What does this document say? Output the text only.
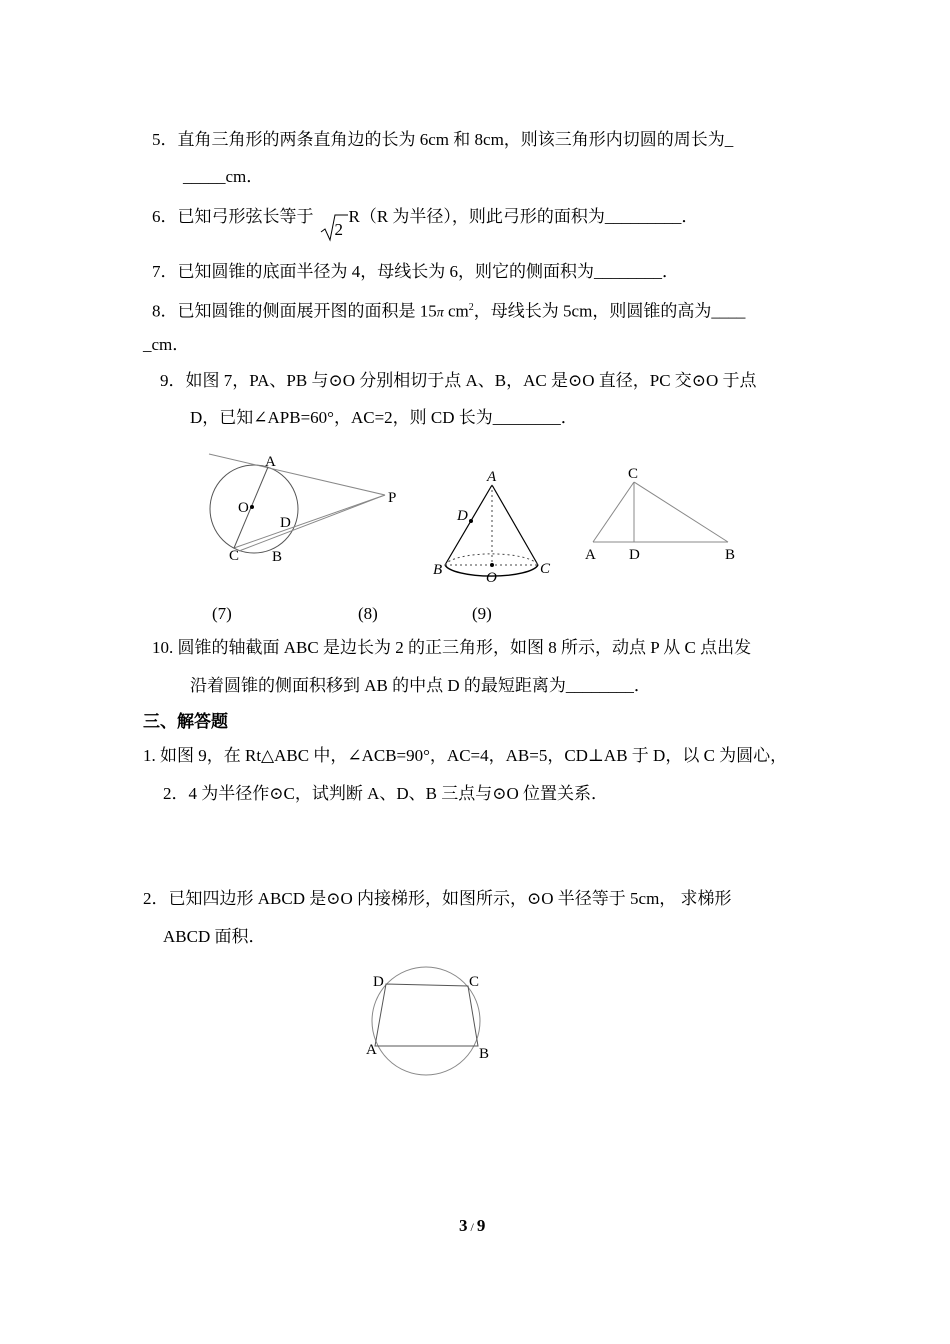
5．直角三角形的两条直角边的长为 6cm 和 8cm，则该三角形内切圆的周长为_
_____cm．
6．已知弓形弦长等于
2
R（R 为半径），则此弓形的面积为_________．
7．已知圆锥的底面半径为 4，母线长为 6，则它的侧面积为________．
8．已知圆锥的侧面展开图的面积是 15π $cm^2$，母线长为 5cm，则圆锥的高为____
_cm．
9．如图 7，PA、PB 与⊙O 分别相切于点 A、B，AC 是⊙O 直径，PC 交⊙O 于点
D，已知∠APB=60°，AC=2，则 CD 长为________．
A
O
D
P
C B
A
D
B	O
C
C
A D	B
(7)	(8)	(9)
10. 圆锥的轴截面 ABC 是边长为 2 的正三角形，如图 8 所示，动点 P 从 C 点出发
沿着圆锥的侧面积移到 AB 的中点 D 的最短距离为________．
三、解答题
1. 如图 9，在 Rt△ABC 中，∠ACB=90°，AC=4，AB=5，CD⊥AB 于 D，以 C 为圆心，
2．4 为半径作⊙C，试判断 A、D、B 三点与⊙O 位置关系．
2．已知四边形 ABCD 是⊙O 内接梯形，如图所示，⊙O 半径等于 5cm， 求梯形
ABCD 面积．
D	C
A	B
3 / 9
